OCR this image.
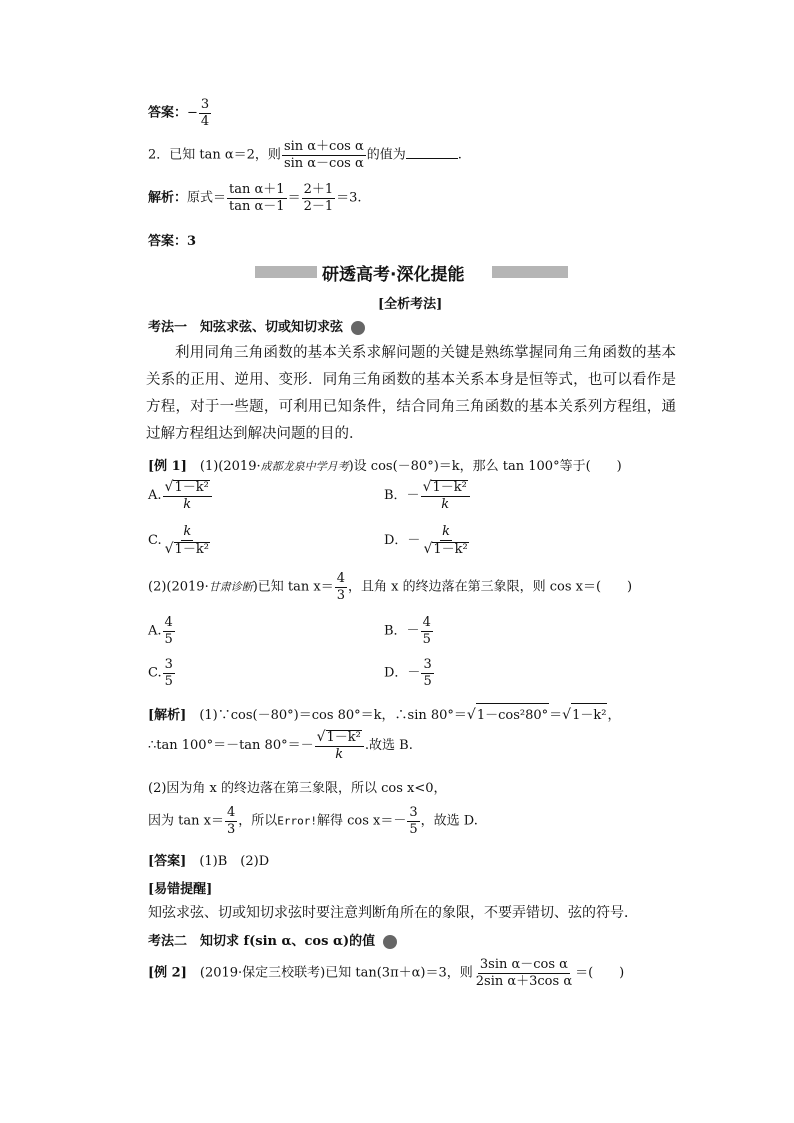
答案：− $\frac{3}{4}$
2．已知 tan α＝2，则 $\frac{\text{sin α＋cos α}}{\text{sin α－cos α}}$ 的值为	.
解析：原式＝ $\frac{\text{tan α＋1}}{\text{tan α－1}} = \frac{2+1}{2-1} =3$.
答案：3
研透高考·深化提能
[全析考法]
考法一　知弦求弦、切或知切求弦
利用同角三角函数的基本关系求解问题的关键是熟练掌握同角三角函数的基本关系的正用、逆用、变形．同角三角函数的基本关系本身是恒等式，也可以看作是方程，对于一些题，可利用已知条件，结合同角三角函数的基本关系列方程组，通过解方程组达到解决问题的目的．
[例 1]　 (1)(2019·成都龙泉中学月考)设 cos(－80°)＝k，那么 tan 100°等于(　　)
A. $\frac{\text{√1－k²}}{k}$	B．－ $\frac{\text{√1－k²}}{k}$
C. $\frac{k}{\text{√1－k²}}$	D．－ $\frac{k}{\text{√1－k²}}$
(2)(2019·甘肃诊断)已知 $\tan x= \frac{4}{3}$ ，且角 x 的终边落在第三象限，则 cos x＝(　　)
A. $\frac{4}{5}$	B．－ $\frac{4}{5}$
C. $\frac{3}{5}$	D．－ $\frac{3}{5}$
[解析]　 (1)∵cos(－80°)＝cos 80°＝k，∴sin 80°＝√1－cos²80°＝√1－k²，
∴tan 100°＝－tan $80^\circ=- \frac{\text{√1－k²}}{k}$ .故选 B.
(2)因为角 x 的终边落在第三象限，所以 cos x<0，
因为 $\tan x= \frac{4}{3}$ ，所以Error!解得 $\cos x=- \frac{3}{5}$ ，故选 D.
[答案]　 (1)B　(2)D
[易错提醒]
知弦求弦、切或知切求弦时要注意判断角所在的象限，不要弄错切、弦的符号．
考法二　知切求 f(sin α、cos α)的值
[例 2]　 (2019·保定三校联考)已知 tan(3π＋α)＝3，则 $\frac{\text{3sin α－cos α}}{\text{2sin α＋3cos α}}$ ＝(　　)
